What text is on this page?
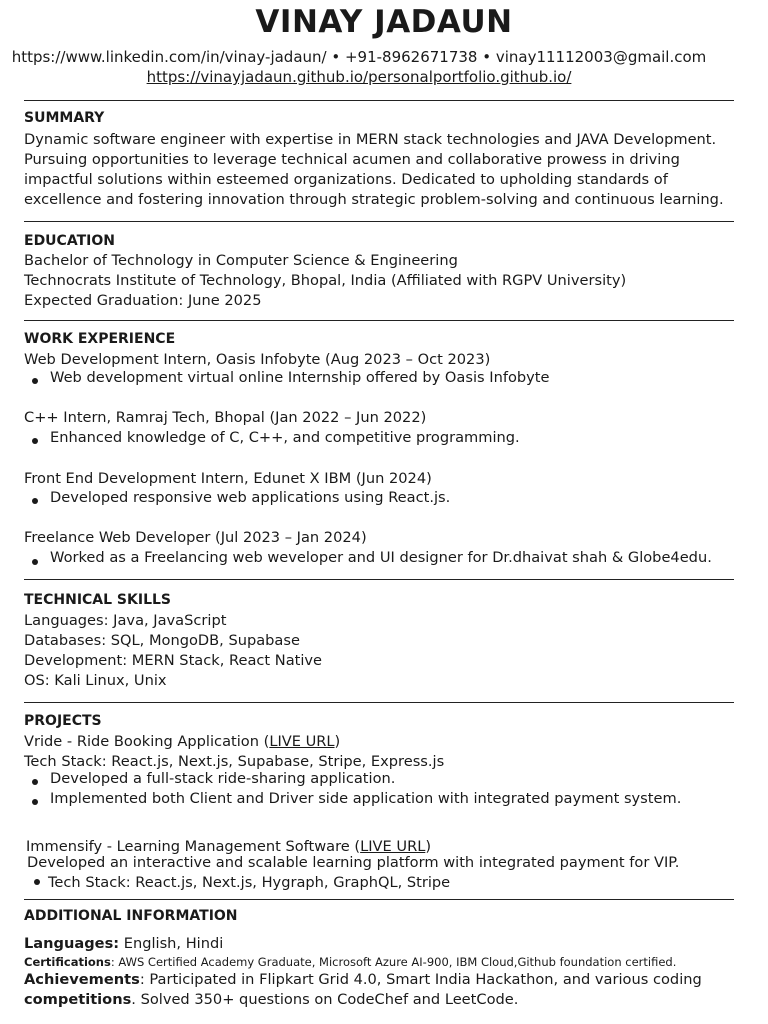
VINAY JADAUN
https://www.linkedin.com/in/vinay-jadaun/ • +91-8962671738 • vinay11112003@gmail.com
https://vinayjadaun.github.io/personalportfolio.github.io/
SUMMARY
Dynamic software engineer with expertise in MERN stack technologies and JAVA Development.
Pursuing opportunities to leverage technical acumen and collaborative prowess in driving
impactful solutions within esteemed organizations. Dedicated to upholding standards of
excellence and fostering innovation through strategic problem-solving and continuous learning.
EDUCATION
Bachelor of Technology in Computer Science & Engineering
Technocrats Institute of Technology, Bhopal, India (Affiliated with RGPV University)
Expected Graduation: June 2025
WORK EXPERIENCE
Web Development Intern, Oasis Infobyte (Aug 2023 – Oct 2023)
Web development virtual online Internship offered by Oasis Infobyte
C++ Intern, Ramraj Tech, Bhopal (Jan 2022 – Jun 2022)
Enhanced knowledge of C, C++, and competitive programming.
Front End Development Intern, Edunet X IBM (Jun 2024)
Developed responsive web applications using React.js.
Freelance Web Developer (Jul 2023 – Jan 2024)
Worked as a Freelancing web weveloper and UI designer for Dr.dhaivat shah & Globe4edu.
TECHNICAL SKILLS
Languages: Java, JavaScript
Databases: SQL, MongoDB, Supabase
Development: MERN Stack, React Native
OS: Kali Linux, Unix
PROJECTS
Vride - Ride Booking Application (LIVE URL)
Tech Stack: React.js, Next.js, Supabase, Stripe, Express.js
Developed a full-stack ride-sharing application.
Implemented both Client and Driver side application with integrated payment system.
Immensify - Learning Management Software (LIVE URL)
Developed an interactive and scalable learning platform with integrated payment for VIP.
Tech Stack: React.js, Next.js, Hygraph, GraphQL, Stripe
ADDITIONAL INFORMATION
Languages: English, Hindi
Certifications: AWS Certified Academy Graduate, Microsoft Azure AI-900, IBM Cloud,Github foundation certified.
Achievements: Participated in Flipkart Grid 4.0, Smart India Hackathon, and various coding
competitions. Solved 350+ questions on CodeChef and LeetCode.
